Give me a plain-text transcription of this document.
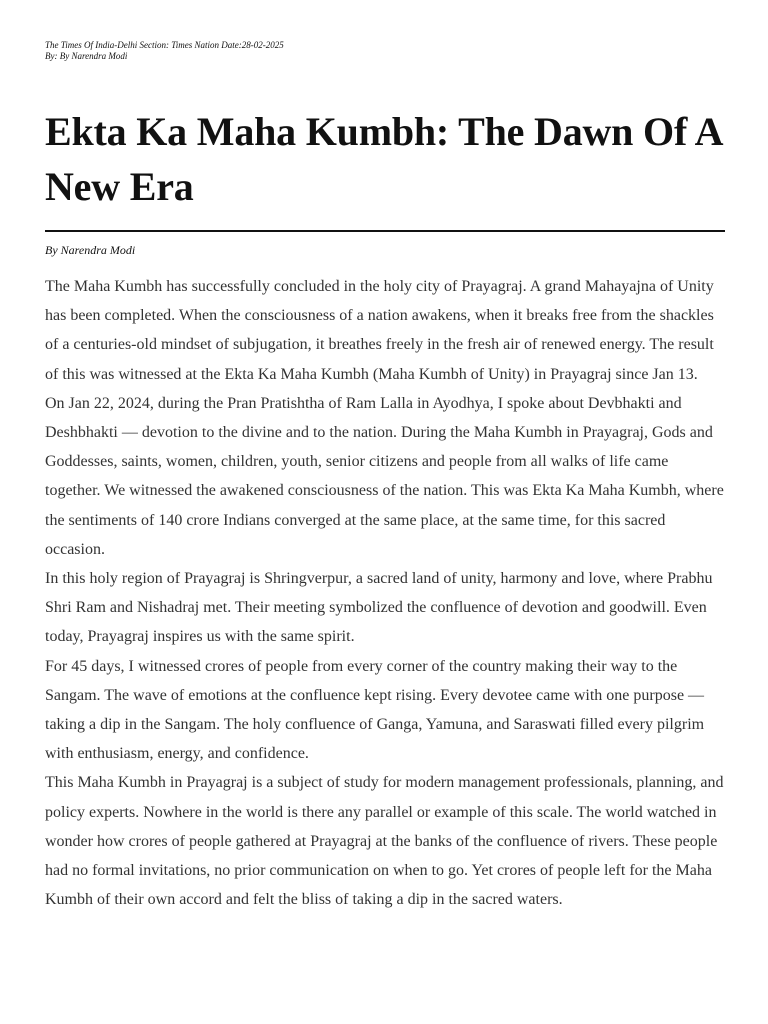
The Times Of India-Delhi Section: Times Nation Date:28-02-2025
By: By Narendra Modi
Ekta Ka Maha Kumbh: The Dawn Of A New Era
By Narendra Modi

The Maha Kumbh has successfully concluded in the holy city of Prayagraj. A grand Mahayajna of Unity has been completed. When the consciousness of a nation awakens, when it breaks free from the shackles of a centuries-old mindset of subjugation, it breathes freely in the fresh air of renewed energy. The result of this was witnessed at the Ekta Ka Maha Kumbh (Maha Kumbh of Unity) in Prayagraj since Jan 13.

On Jan 22, 2024, during the Pran Pratishtha of Ram Lalla in Ayodhya, I spoke about Devbhakti and Deshbhakti — devotion to the divine and to the nation. During the Maha Kumbh in Prayagraj, Gods and Goddesses, saints, women, children, youth, senior citizens and people from all walks of life came together. We witnessed the awakened consciousness of the nation. This was Ekta Ka Maha Kumbh, where the sentiments of 140 crore Indians converged at the same place, at the same time, for this sacred occasion.

In this holy region of Prayagraj is Shringverpur, a sacred land of unity, harmony and love, where Prabhu Shri Ram and Nishadraj met. Their meeting symbolized the confluence of devotion and goodwill. Even today, Prayagraj inspires us with the same spirit.

For 45 days, I witnessed crores of people from every corner of the country making their way to the Sangam. The wave of emotions at the confluence kept rising. Every devotee came with one purpose — taking a dip in the Sangam. The holy confluence of Ganga, Yamuna, and Saraswati filled every pilgrim with enthusiasm, energy, and confidence.

This Maha Kumbh in Prayagraj is a subject of study for modern management professionals, planning, and policy experts. Nowhere in the world is there any parallel or example of this scale. The world watched in wonder how crores of people gathered at Prayagraj at the banks of the confluence of rivers. These people had no formal invitations, no prior communication on when to go. Yet crores of people left for the Maha Kumbh of their own accord and felt the bliss of taking a dip in the sacred waters.
